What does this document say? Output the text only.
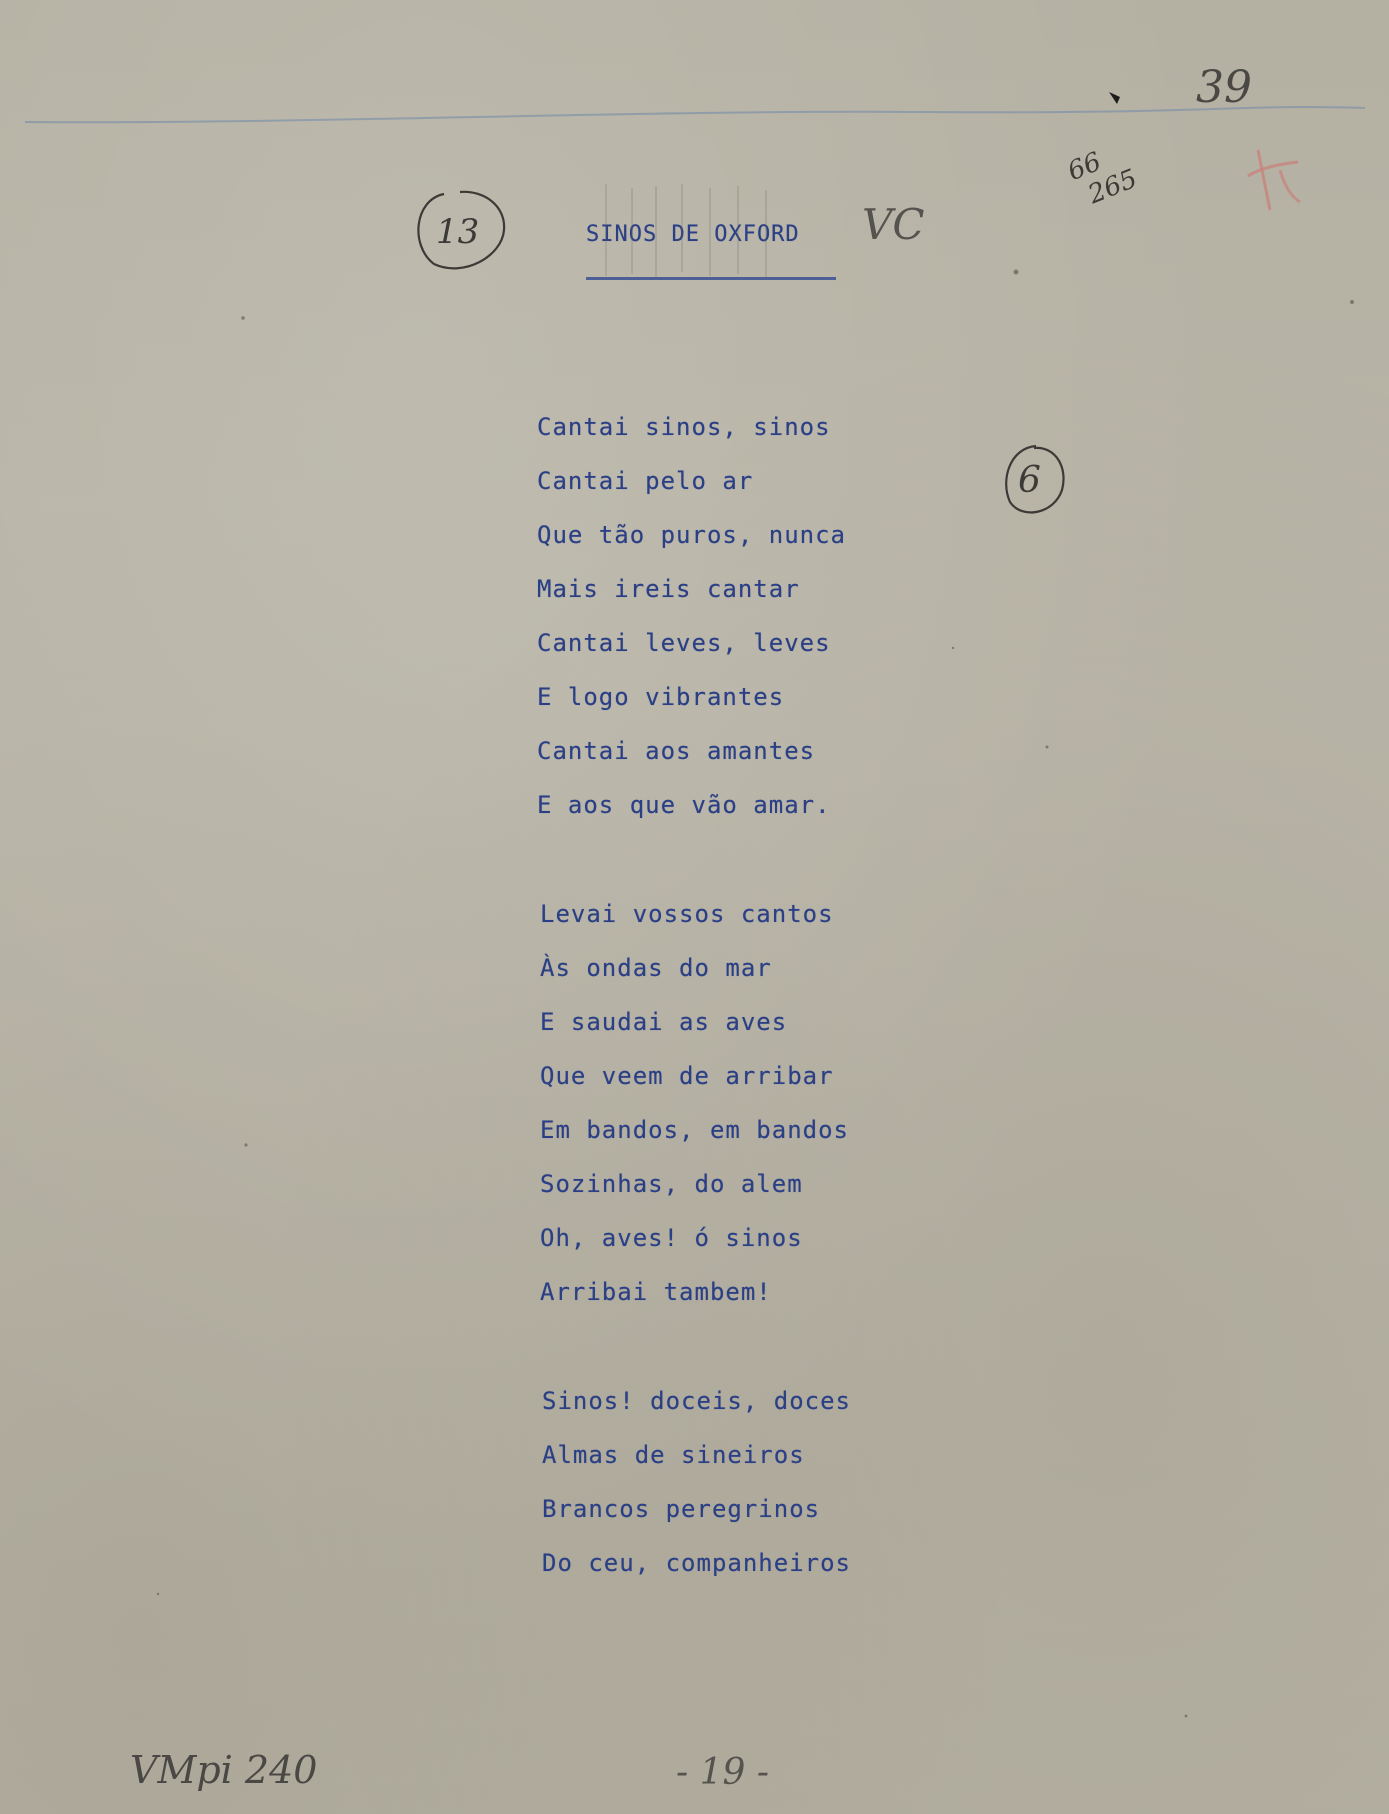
39
66
265
13	SINOS DE OXFORD VC
6
Cantai sinos, sinos
Cantai pelo ar
Que tão puros, nunca
Mais ireis cantar
Cantai leves, leves
E logo vibrantes
Cantai aos amantes
E aos que vão amar.
Levai vossos cantos
Às ondas do mar
E saudai as aves
Que veem de arribar
Em bandos, em bandos
Sozinhas, do alem
Oh, aves! ó sinos
Arribai tambem!
Sinos! doceis, doces
Almas de sineiros
Brancos peregrinos
Do ceu, companheiros
VMpi 240	- 19 -
